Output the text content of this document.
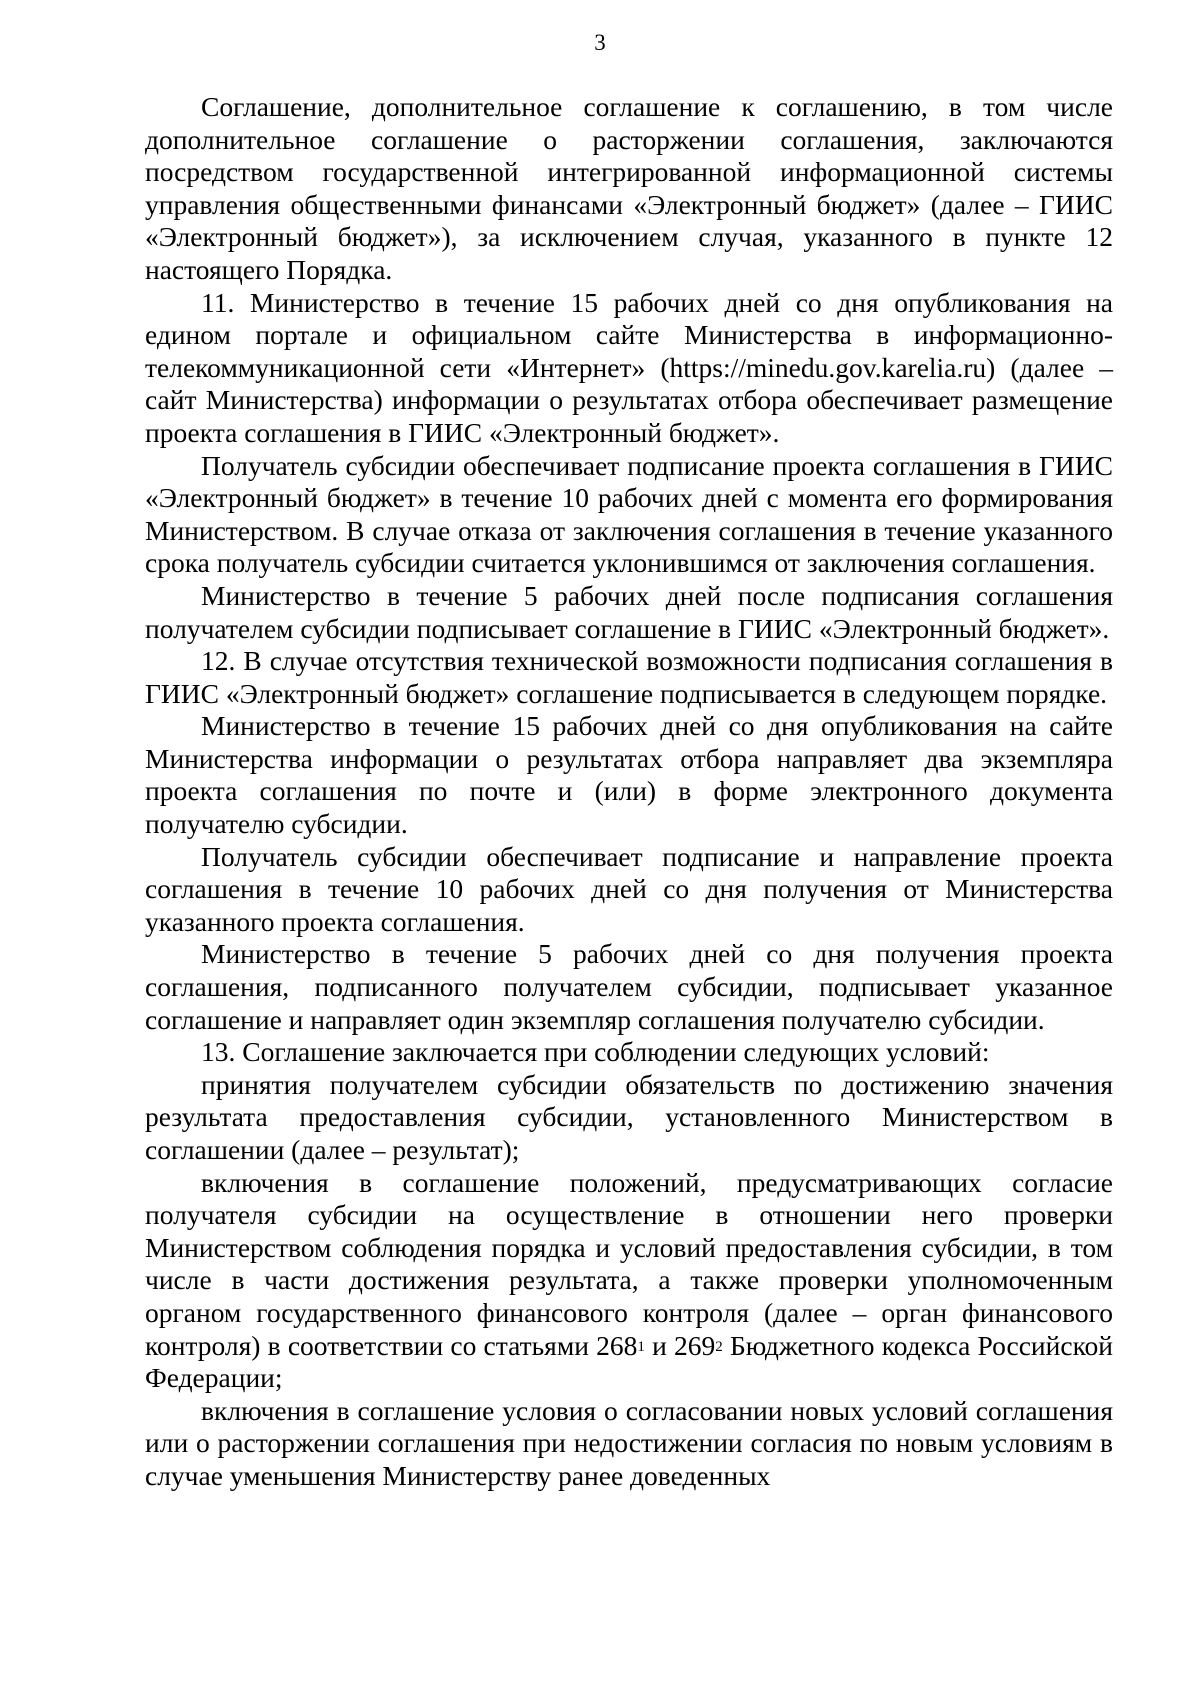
3

Соглашение, дополнительное соглашение к соглашению, в том числе дополнительное соглашение о расторжении соглашения, заключаются посредством государственной интегрированной информационной системы управления общественными финансами «Электронный бюджет» (далее – ГИИС «Электронный бюджет»), за исключением случая, указанного в пункте 12 настоящего Порядка.

11. Министерство в течение 15 рабочих дней со дня опубликования на едином портале и официальном сайте Министерства в информационно-телекоммуникационной сети «Интернет» (https://minedu.gov.karelia.ru) (далее – сайт Министерства) информации о результатах отбора обеспечивает размещение проекта соглашения в ГИИС «Электронный бюджет».

Получатель субсидии обеспечивает подписание проекта соглашения в ГИИС «Электронный бюджет» в течение 10 рабочих дней с момента его формирования Министерством. В случае отказа от заключения соглашения в течение указанного срока получатель субсидии считается уклонившимся от заключения соглашения.

Министерство в течение 5 рабочих дней после подписания соглашения получателем субсидии подписывает соглашение в ГИИС «Электронный бюджет».

12. В случае отсутствия технической возможности подписания соглашения в ГИИС «Электронный бюджет» соглашение подписывается в следующем порядке.

Министерство в течение 15 рабочих дней со дня опубликования на сайте Министерства информации о результатах отбора направляет два экземпляра проекта соглашения по почте и (или) в форме электронного документа получателю субсидии.

Получатель субсидии обеспечивает подписание и направление проекта соглашения в течение 10 рабочих дней со дня получения от Министерства указанного проекта соглашения.

Министерство в течение 5 рабочих дней со дня получения проекта соглашения, подписанного получателем субсидии, подписывает указанное соглашение и направляет один экземпляр соглашения получателю субсидии.

13. Соглашение заключается при соблюдении следующих условий:

принятия получателем субсидии обязательств по достижению значения результата предоставления субсидии, установленного Министерством в соглашении (далее – результат);

включения в соглашение положений, предусматривающих согласие получателя субсидии на осуществление в отношении него проверки Министерством соблюдения порядка и условий предоставления субсидии, в том числе в части достижения результата, а также проверки уполномоченным органом государственного финансового контроля (далее – орган финансового контроля) в соответствии со статьями $268^1$ и $269^2$ Бюджетного кодекса Российской Федерации;

включения в соглашение условия о согласовании новых условий соглашения или о расторжении соглашения при недостижении согласия по новым условиям в случае уменьшения Министерству ранее доведенных
